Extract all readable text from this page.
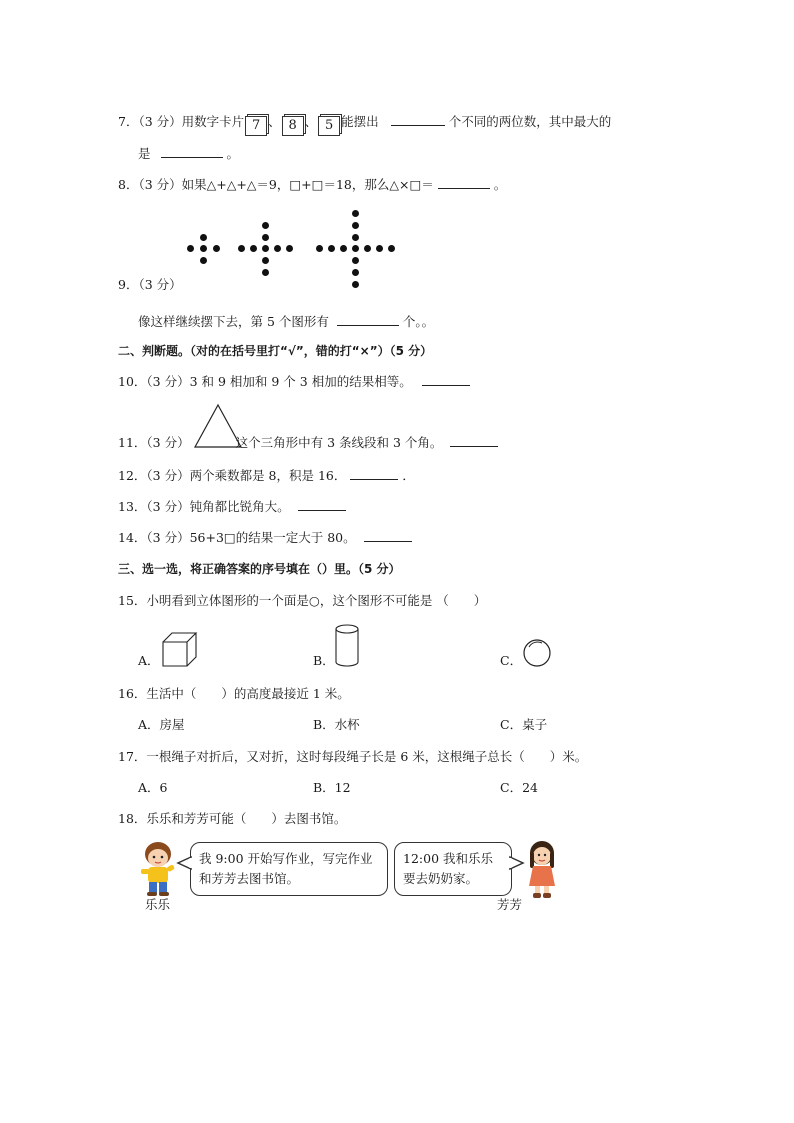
7．（3 分）用数字卡片 7 、 8 、 5 能摆出	个不同的两位数，其中最大的
是	。
8．（3 分）如果△+△+△＝9，□+□＝18，那么△×□＝	。
9．（3 分）
像这样继续摆下去，第 5 个图形有	个。。
二、判断题。（对的在括号里打“√”，错的打“×”）（5 分）
10．（3 分）3 和 9 相加和 9 个 3 相加的结果相等。
11．（3 分）	这个三角形中有 3 条线段和 3 个角。
12．（3 分）两个乘数都是 8，积是 16．	．
13．（3 分）钝角都比锐角大。
14．（3 分）56+3□的结果一定大于 80。
三、选一选，将正确答案的序号填在（）里。（5 分）
15．小明看到立体图形的一个面是○，这个图形不可能是 （　　）
A．	B．	C．
16．生活中（　　）的高度最接近 1 米。
A．房屋	B．水杯	C．桌子
17．一根绳子对折后，又对折，这时每段绳子长是 6 米，这根绳子总长（　　）米。
A．6	B．12	C．24
18．乐乐和芳芳可能（　　）去图书馆。
乐乐
我 9:00 开始写作业，写完作业和芳芳去图书馆。
12:00 我和乐乐要去奶奶家。
芳芳
